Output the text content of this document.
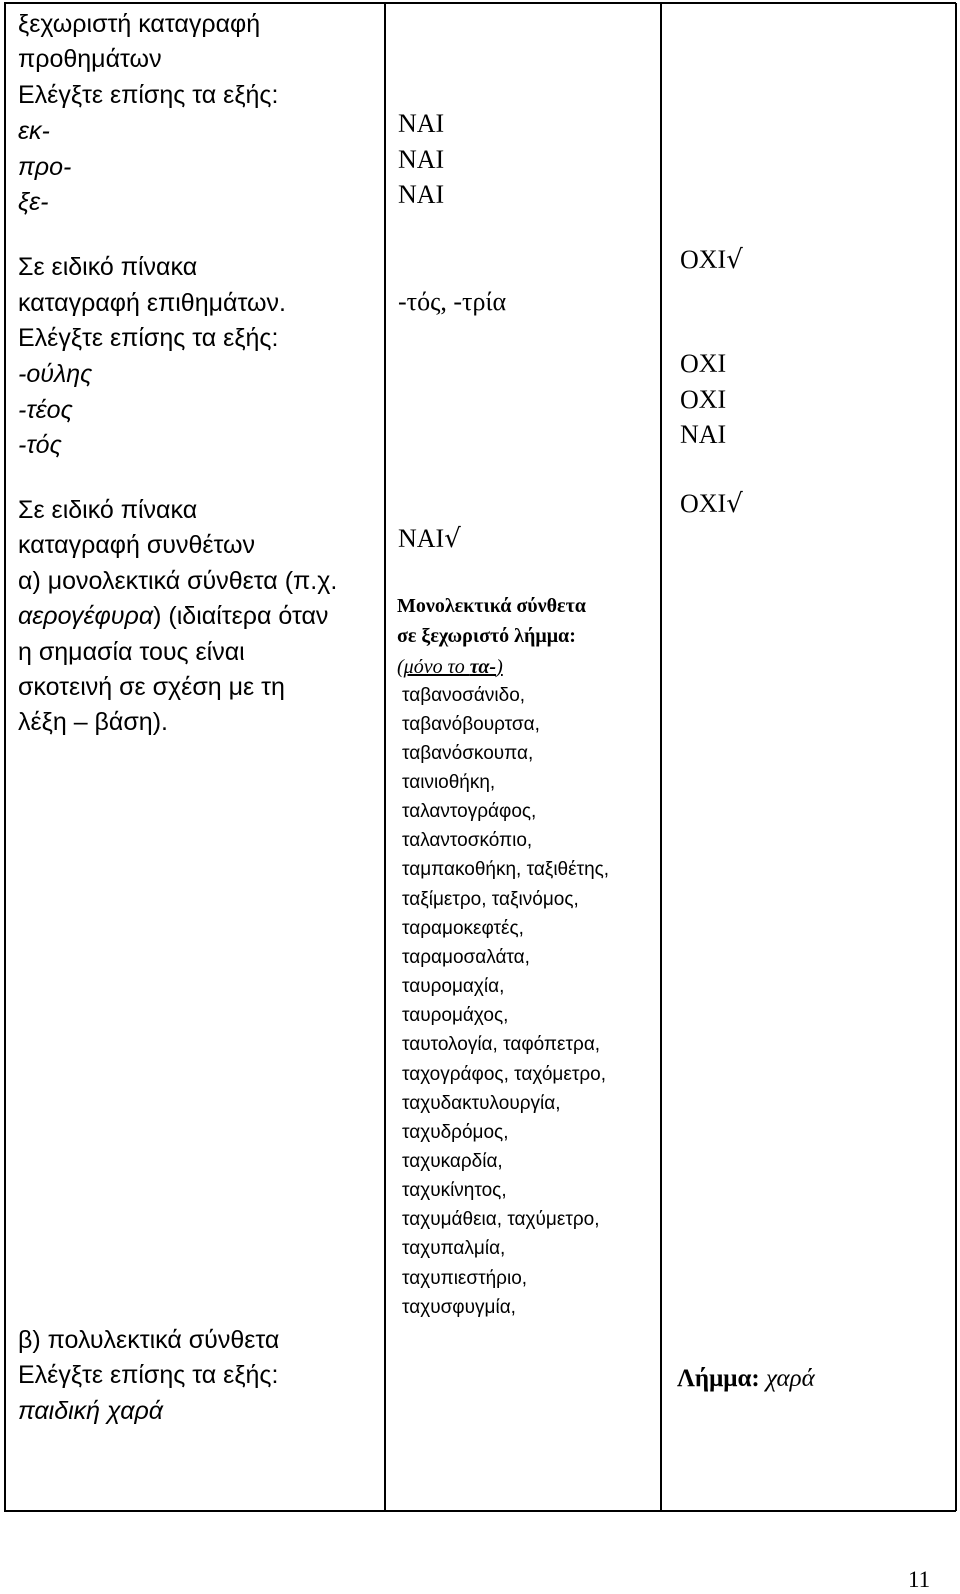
ξεχωριστή καταγραφή
προθημάτων
Ελέγξτε επίσης τα εξής:
εκ-
προ-
ξε-
Σε ειδικό πίνακα
καταγραφή επιθημάτων.
Ελέγξτε επίσης τα εξής:
-ούλης
-τέος
-τός
Σε ειδικό πίνακα
καταγραφή συνθέτων
α) μονολεκτικά σύνθετα (π.χ.
αερογέφυρα) (ιδιαίτερα όταν
η σημασία τους είναι
σκοτεινή σε σχέση με τη
λέξη – βάση).
β) πολυλεκτικά σύνθετα
Ελέγξτε επίσης τα εξής:
παιδική χαρά
ΝΑΙ
ΝΑΙ
ΝΑΙ
-τός, -τρία
ΝΑΙ√
Μονολεκτικά σύνθετα
σε ξεχωριστό λήμμα:
(μόνο το τα-)
ταβανοσάνιδο,
ταβανόβουρτσα,
ταβανόσκουπα,
ταινιοθήκη,
ταλαντογράφος,
ταλαντοσκόπιο,
ταμπακοθήκη, ταξιθέτης,
ταξίμετρο, ταξινόμος,
ταραμοκεφτές,
ταραμοσαλάτα,
ταυρομαχία,
ταυρομάχος,
ταυτολογία, ταφόπετρα,
ταχογράφος, ταχόμετρο,
ταχυδακτυλουργία,
ταχυδρόμος,
ταχυκαρδία,
ταχυκίνητος,
ταχυμάθεια, ταχύμετρο,
ταχυπαλμία,
ταχυπιεστήριο,
ταχυσφυγμία,
ΟΧΙ√
ΟΧΙ
ΟΧΙ
ΝΑΙ
ΟΧΙ√
Λήμμα: χαρά
11
